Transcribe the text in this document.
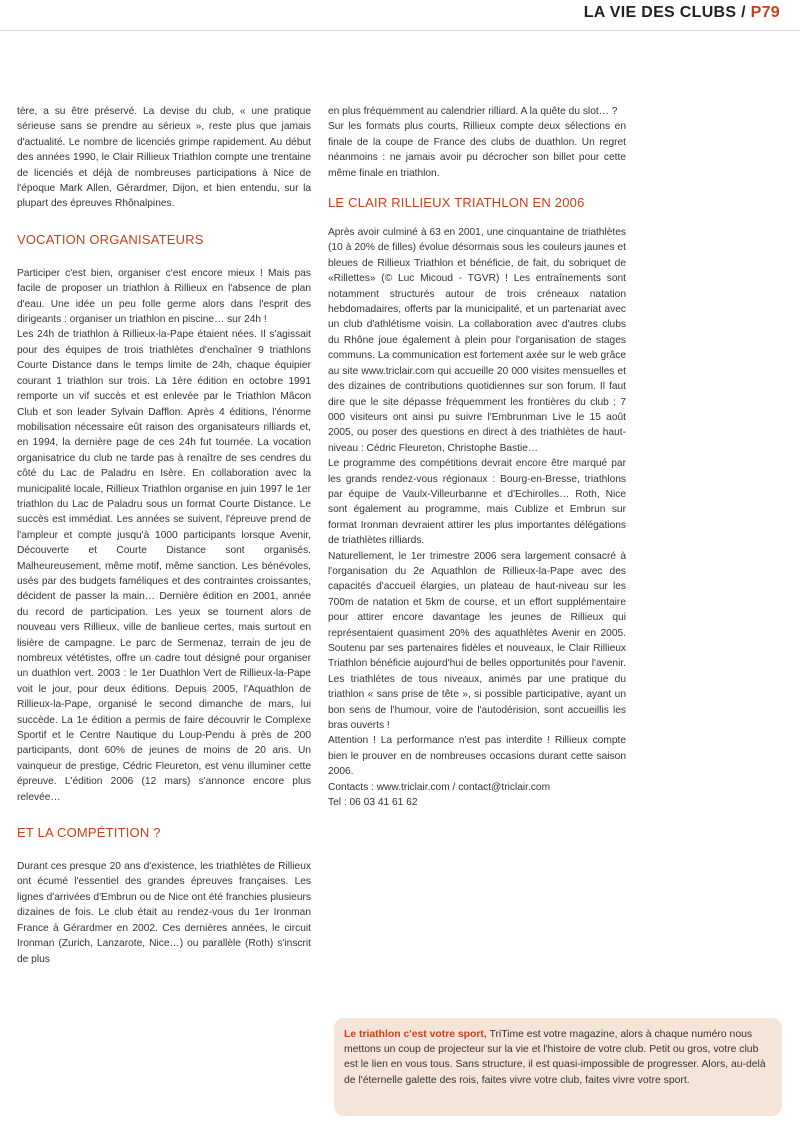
LA VIE DES CLUBS / P79

tère, a su être préservé. La devise du club, « une pratique sérieuse sans se prendre au sérieux », reste plus que jamais d'actualité. Le nombre de licenciés grimpe rapidement. Au début des années 1990, le Clair Rillieux Triathlon compte une trentaine de licenciés et déjà de nombreuses participations à Nice de l'époque Mark Allen, Gérardmer, Dijon, et bien entendu, sur la plupart des épreuves Rhônalpines.

VOCATION ORGANISATEURS

Participer c'est bien, organiser c'est encore mieux ! Mais pas facile de proposer un triathlon à Rillieux en l'absence de plan d'eau. Une idée un peu folle germe alors dans l'esprit des dirigeants : organiser un triathlon en piscine… sur 24h !

Les 24h de triathlon à Rillieux-la-Pape étaient nées. Il s'agissait pour des équipes de trois triathlètes d'enchaîner 9 triathlons Courte Distance dans le temps limite de 24h, chaque équipier courant 1 triathlon sur trois. La 1ère édition en octobre 1991 remporte un vif succès et est enlevée par le Triathlon Mâcon Club et son leader Sylvain Dafflon. Après 4 éditions, l'énorme mobilisation nécessaire eût raison des organisateurs rilliards et, en 1994, la dernière page de ces 24h fut tournée. La vocation organisatrice du club ne tarde pas à renaître de ses cendres du côté du Lac de Paladru en Isère. En collaboration avec la municipalité locale, Rillieux Triathlon organise en juin 1997 le 1er triathlon du Lac de Paladru sous un format Courte Distance. Le succès est immédiat. Les années se suivent, l'épreuve prend de l'ampleur et compte jusqu'à 1000 participants lorsque Avenir, Découverte et Courte Distance sont organisés. Malheureusement, même motif, même sanction. Les bénévoles, usés par des budgets faméliques et des contraintes croissantes, décident de passer la main… Dernière édition en 2001, année du record de participation. Les yeux se tournent alors de nouveau vers Rillieux, ville de banlieue certes, mais surtout en lisière de campagne. Le parc de Sermenaz, terrain de jeu de nombreux vététistes, offre un cadre tout désigné pour organiser un duathlon vert. 2003 : le 1er Duathlon Vert de Rillieux-la-Pape voit le jour, pour deux éditions. Depuis 2005, l'Aquathlon de Rillieux-la-Pape, organisé le second dimanche de mars, lui succède. La 1e édition a permis de faire découvrir le Complexe Sportif et le Centre Nautique du Loup-Pendu à près de 200 participants, dont 60% de jeunes de moins de 20 ans. Un vainqueur de prestige, Cédric Fleureton, est venu illuminer cette épreuve. L'édition 2006 (12 mars) s'annonce encore plus relevée…

ET LA COMPÉTITION ?

Durant ces presque 20 ans d'existence, les triathlètes de Rillieux ont écumé l'essentiel des grandes épreuves françaises. Les lignes d'arrivées d'Embrun ou de Nice ont été franchies plusieurs dizaines de fois. Le club était au rendez-vous du 1er Ironman France à Gérardmer en 2002. Ces dernières années, le circuit Ironman (Zurich, Lanzarote, Nice…) ou parallèle (Roth) s'inscrit de plus

en plus fréquemment au calendrier rilliard. A la quête du slot… ?

Sur les formats plus courts, Rillieux compte deux sélections en finale de la coupe de France des clubs de duathlon. Un regret néanmoins : ne jamais avoir pu décrocher son billet pour cette même finale en triathlon.

LE CLAIR RILLIEUX TRIATHLON EN 2006

Après avoir culminé à 63 en 2001, une cinquantaine de triathlètes (10 à 20% de filles) évolue désormais sous les couleurs jaunes et bleues de Rillieux Triathlon et bénéficie, de fait, du sobriquet de «Rillettes» (© Luc Micoud - TGVR) ! Les entraînements sont notamment structurés autour de trois créneaux natation hebdomadaires, offerts par la municipalité, et un partenariat avec un club d'athlétisme voisin. La collaboration avec d'autres clubs du Rhône joue également à plein pour l'organisation de stages communs. La communication est fortement axée sur le web grâce au site www.triclair.com qui accueille 20 000 visites mensuelles et des dizaines de contributions quotidiennes sur son forum. Il faut dire que le site dépasse fréquemment les frontières du club : 7 000 visiteurs ont ainsi pu suivre l'Embrunman Live le 15 août 2005, ou poser des questions en direct à des triathlètes de haut-niveau : Cédric Fleureton, Christophe Bastie…

Le programme des compétitions devrait encore être marqué par les grands rendez-vous régionaux : Bourg-en-Bresse, triathlons par équipe de Vaulx-Villeurbanne et d'Echirolles… Roth, Nice sont également au programme, mais Cublize et Embrun sur format Ironman devraient attirer les plus importantes délégations de triathlètes rilliards.

Naturellement, le 1er trimestre 2006 sera largement consacré à l'organisation du 2e Aquathlon de Rillieux-la-Pape avec des capacités d'accueil élargies, un plateau de haut-niveau sur les 700m de natation et 5km de course, et un effort supplémentaire pour attirer encore davantage les jeunes de Rillieux qui représentaient quasiment 20% des aquathlètes Avenir en 2005. Soutenu par ses partenaires fidèles et nouveaux, le Clair Rillieux Triathlon bénéficie aujourd'hui de belles opportunités pour l'avenir. Les triathlètes de tous niveaux, animés par une pratique du triathlon « sans prise de tête », si possible participative, ayant un bon sens de l'humour, voire de l'autodérision, sont accueillis les bras ouverts !

Attention ! La performance n'est pas interdite ! Rillieux compte bien le prouver en de nombreuses occasions durant cette saison 2006.

Contacts : www.triclair.com / contact@triclair.com

Tel : 06 03 41 61 62

Le triathlon c'est votre sport, TriTime est votre magazine, alors à chaque numéro nous mettons un coup de projecteur sur la vie et l'histoire de votre club. Petit ou gros, votre club est le lien en vous tous. Sans structure, il est quasi-impossible de progresser. Alors, au-delà de l'éternelle galette des rois, faites vivre votre club, faites vivre votre sport.
